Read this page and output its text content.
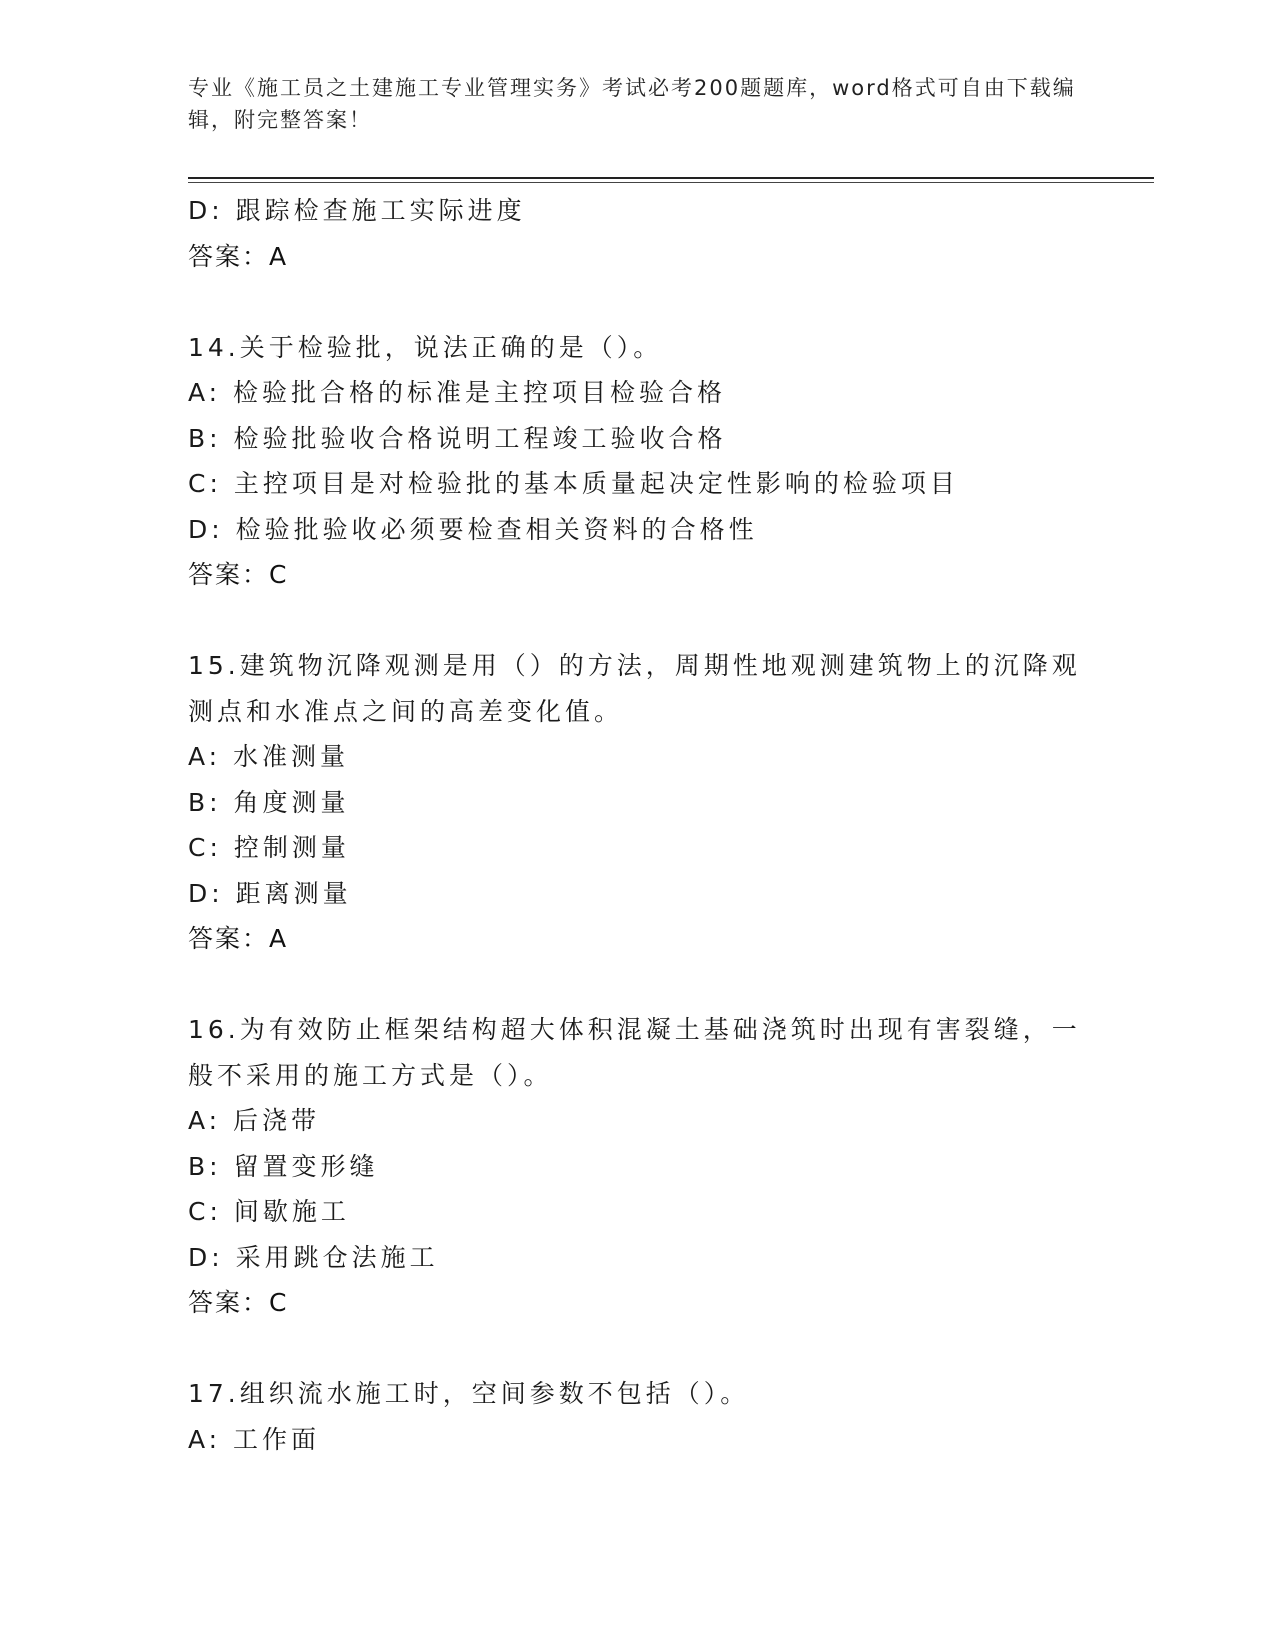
专业《施工员之土建施工专业管理实务》考试必考200题题库，word格式可自由下载编辑，附完整答案！
D: 跟踪检查施工实际进度
答案：A
14.关于检验批，说法正确的是（）。
A: 检验批合格的标准是主控项目检验合格
B: 检验批验收合格说明工程竣工验收合格
C: 主控项目是对检验批的基本质量起决定性影响的检验项目
D: 检验批验收必须要检查相关资料的合格性
答案：C
15.建筑物沉降观测是用（）的方法，周期性地观测建筑物上的沉降观
测点和水准点之间的高差变化值。
A: 水准测量
B: 角度测量
C: 控制测量
D: 距离测量
答案：A
16.为有效防止框架结构超大体积混凝土基础浇筑时出现有害裂缝，一
般不采用的施工方式是（）。
A: 后浇带
B: 留置变形缝
C: 间歇施工
D: 采用跳仓法施工
答案：C
17.组织流水施工时，空间参数不包括（）。
A: 工作面
